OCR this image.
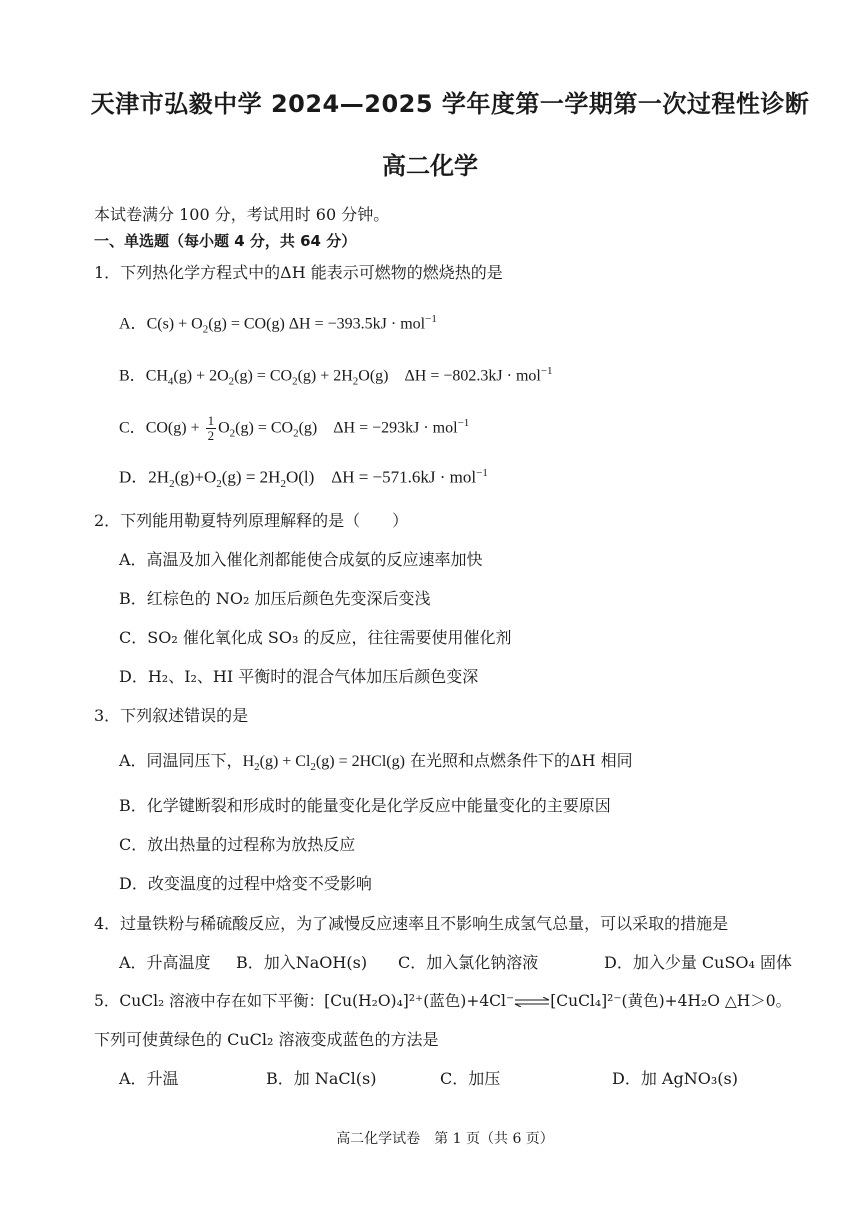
天津市弘毅中学 2024—2025 学年度第一学期第一次过程性诊断
高二化学
本试卷满分 100 分，考试用时 60 分钟。
一、单选题（每小题 4 分，共 64 分）
1．下列热化学方程式中的ΔH 能表示可燃物的燃烧热的是
A．$C(s) + O_2(g) = CO(g) \Delta H = -393.5kJ \cdot mol^{-1}$
B．$CH_4(g) + 2O_2(g) = CO_2(g) + 2H_2O(g)$    ΔH = −802.3kJ · mol$^{-1}$
C．$CO(g) + \frac{1}{2} O_2(g) = CO_2(g)$    ΔH = −293kJ · mol$^{-1}$
D．$2H_2(g)+O_2(g) = 2H_2O(l)$    ΔH = −571.6kJ · mol$^{-1}$
2．下列能用勒夏特列原理解释的是（　　）
A．高温及加入催化剂都能使合成氨的反应速率加快
B．红棕色的 NO₂ 加压后颜色先变深后变浅
C．SO₂ 催化氧化成 SO₃ 的反应，往往需要使用催化剂
D．H₂、I₂、HI 平衡时的混合气体加压后颜色变深
3．下列叙述错误的是
A．同温同压下，$H_2(g) + Cl_2(g) = 2HCl(g)$ 在光照和点燃条件下的ΔH 相同
B．化学键断裂和形成时的能量变化是化学反应中能量变化的主要原因
C．放出热量的过程称为放热反应
D．改变温度的过程中焓变不受影响
4．过量铁粉与稀硫酸反应，为了减慢反应速率且不影响生成氢气总量，可以采取的措施是
A．升高温度 B．加入NaOH(s) C．加入氯化钠溶液	D．加入少量 CuSO₄ 固体
5．CuCl₂ 溶液中存在如下平衡：[Cu(H₂O)₄]²⁺(蓝色)+4Cl⁻⇌[CuCl₄]²⁻(黄色)+4H₂O △H＞0。
下列可使黄绿色的 CuCl₂ 溶液变成蓝色的方法是
A．升温	B．加 NaCl(s)	C．加压	D．加 AgNO₃(s)
高二化学试卷　第 1 页（共 6 页）
